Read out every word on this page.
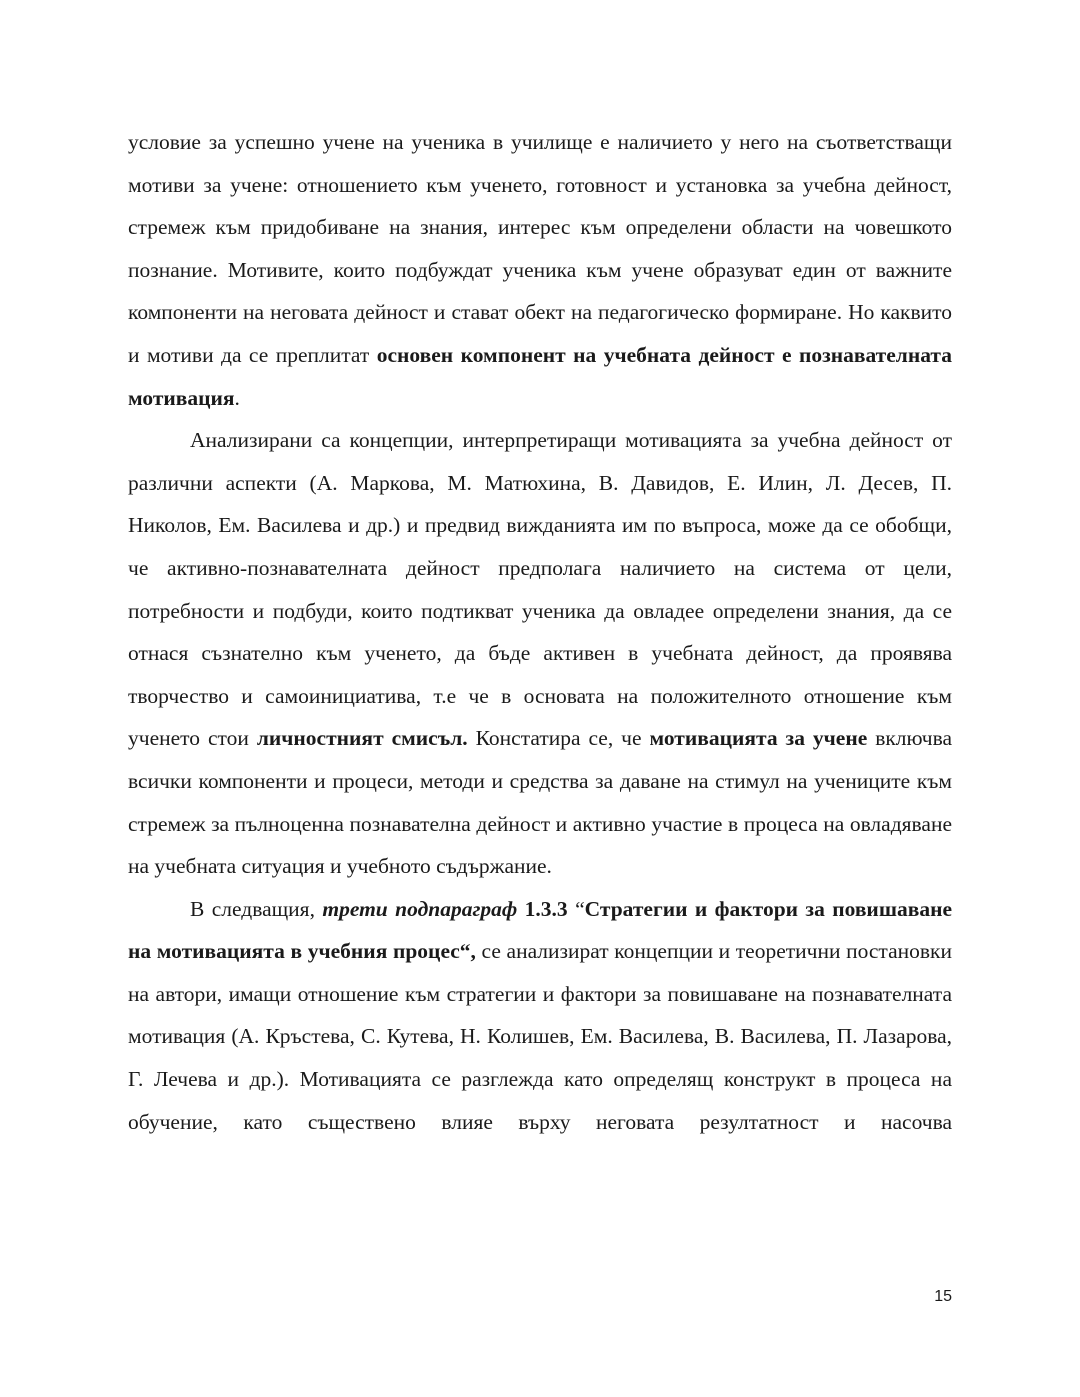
условие за успешно учене на ученика в училище е наличието у него на съответстващи мотиви за учене: отношението към ученето, готовност и установка за учебна дейност, стремеж към придобиване на знания, интерес към определени области на човешкото познание. Мотивите, които подбуждат ученика към учене образуват един от важните компоненти на неговата дейност и стават обект на педагогическо формиране. Но каквито и мотиви да се преплитат основен компонент на учебната дейност е познавателната мотивация.

Анализирани са концепции, интерпретиращи мотивацията за учебна дейност от различни аспекти (А. Маркова, М. Матюхина, В. Давидов, Е. Илин, Л. Десев, П. Николов, Ем. Василева и др.) и предвид вижданията им по въпроса, може да се обобщи, че активно-познавателната дейност предполага наличието на система от цели, потребности и подбуди, които подтикват ученика да овладее определени знания, да се отнася съзнателно към ученето, да бъде активен в учебната дейност, да проявява творчество и самоинициатива, т.е че в основата на положителното отношение към ученето стои личностният смисъл. Констатира се, че мотивацията за учене включва всички компоненти и процеси, методи и средства за даване на стимул на учениците към стремеж за пълноценна познавателна дейност и активно участие в процеса на овладяване на учебната ситуация и учебното съдържание.

В следващия, трети подпараграф 1.3.3 “Стратегии и фактори за повишаване на мотивацията в учебния процес“, се анализират концепции и теоретични постановки на автори, имащи отношение към стратегии и фактори за повишаване на познавателната мотивация (А. Кръстева, С. Кутева, Н. Колишев, Ем. Василева, В. Василева, П. Лазарова, Г. Лечева и др.). Мотивацията се разглежда като определящ конструкт в процеса на обучение, като съществено влияе върху неговата резултатност и насочва

15
